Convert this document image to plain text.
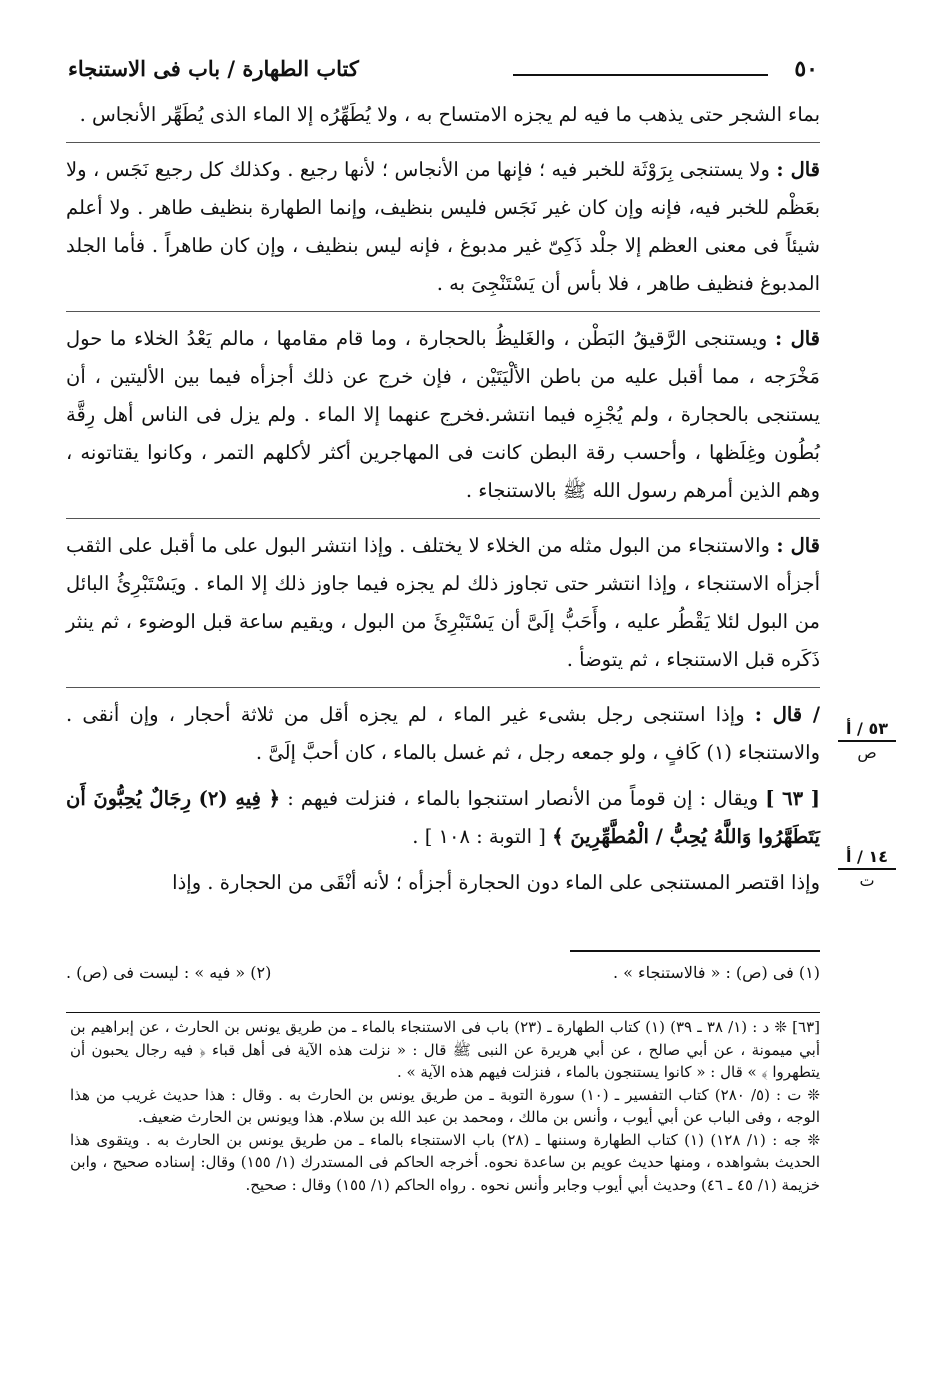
٥٠
كتاب الطهارة / باب فى الاستنجاء

بماء الشجر حتى يذهب ما فيه لم يجزه الامتساح به ، ولا يُطَهِّرُه إلا الماء الذى يُطَهِّر الأنجاس .

قال : ولا يستنجى بِرَوْثَة للخبر فيه ؛ فإنها من الأنجاس ؛ لأنها رجيع . وكذلك كل رجيع نَجَس ، ولا بعَظْم للخبر فيه، فإنه وإن كان غير نَجَس فليس بنظيف، وإنما الطهارة بنظيف طاهر . ولا أعلم شيئاً فى معنى العظم إلا جلْد ذَكِىّ غير مدبوغ ، فإنه ليس بنظيف ، وإن كان طاهراً . فأما الجلد المدبوغ فنظيف طاهر ، فلا بأس أن يَسْتَنْجِىَ به .

قال : ويستنجى الرَّقيقُ البَطْن ، والغَليظُ بالحجارة ، وما قام مقامها ، مالم يَعْدُ الخلاء ما حول مَخْرَجه ، مما أقبل عليه من باطن الألْيَتَيْن ، فإن خرج عن ذلك أجزأه فيما بين الأليتين ، أن يستنجى بالحجارة ، ولم يُجْزِه فيما انتشر.فخرج عنهما إلا الماء . ولم يزل فى الناس أهل رِقَّة بُطُون وغِلَظها ، وأحسب رقة البطن كانت فى المهاجرين أكثر لأكلهم التمر ، وكانوا يقتاتونه ، وهم الذين أمرهم رسول الله ﷺ بالاستنجاء .

قال : والاستنجاء من البول مثله من الخلاء لا يختلف . وإذا انتشر البول على ما أقبل على الثقب أجزأه الاستنجاء ، وإذا انتشر حتى تجاوز ذلك لم يجزه فيما جاوز ذلك إلا الماء . ويَسْتَبْرِئُ البائل من البول لئلا يَقْطُر عليه ، وأَحَبُّ إلَىَّ أن يَسْتَبْرِئَ من البول ، ويقيم ساعة قبل الوضوء ، ثم ينثر ذَكَره قبل الاستنجاء ، ثم يتوضأ .

/ قال : وإذا استنجى رجل بشىء غير الماء ، لم يجزه أقل من ثلاثة أحجار ، وإن أنقى . والاستنجاء (١) كَافٍ ، ولو جمعه رجل ، ثم غسل بالماء ، كان أحبَّ إلَىَّ .

[ ٦٣ ] ويقال : إن قوماً من الأنصار استنجوا بالماء ، فنزلت فيهم : ﴿ فِيهِ (٢) رِجَالٌ يُحِبُّونَ أَن يَتَطَهَّرُوا وَاللَّهُ يُحِبُّ / الْمُطَّهِّرِينَ ﴾ [ التوبة : ١٠٨ ] .

وإذا اقتصر المستنجى على الماء دون الحجارة أجزأه ؛ لأنه أنْقَى من الحجارة . وإذا

٥٣ / أ
ص
١٤ / أ
ت
(١) فى (ص) : « فالاستنجاء » .
(٢) « فيه » : ليست فى (ص) .

[٦٣] ❊ د : (١/ ٣٨ ـ ٣٩) (١) كتاب الطهارة ـ (٢٣) باب فى الاستنجاء بالماء ـ من طريق يونس بن الحارث ، عن إبراهيم بن أبي ميمونة ، عن أبي صالح ، عن أبي هريرة عن النبى ﷺ قال : « نزلت هذه الآية فى أهل قباء ﴿ فيه رجال يحبون أن يتطهروا ﴾ » قال : « كانوا يستنجون بالماء ، فنزلت فيهم هذه الآية » .

❊ ت : (٥/ ٢٨٠) كتاب التفسير ـ (١٠) سورة التوبة ـ من طريق يونس بن الحارث به . وقال : هذا حديث غريب من هذا الوجه ، وفى الباب عن أبي أيوب ، وأنس بن مالك ، ومحمد بن عبد الله بن سلام. هذا ويونس بن الحارث ضعيف.

❊ جه : (١/ ١٢٨) (١) كتاب الطهارة وسننها ـ (٢٨) باب الاستنجاء بالماء ـ من طريق يونس بن الحارث به . ويتقوى هذا الحديث بشواهده ، ومنها حديث عويم بن ساعدة نحوه. أخرجه الحاكم فى المستدرك (١/ ١٥٥) وقال: إسناده صحيح ، وابن خزيمة (١/ ٤٥ ـ ٤٦) وحديث أبي أيوب وجابر وأنس نحوه . رواه الحاكم (١/ ١٥٥) وقال : صحيح.
